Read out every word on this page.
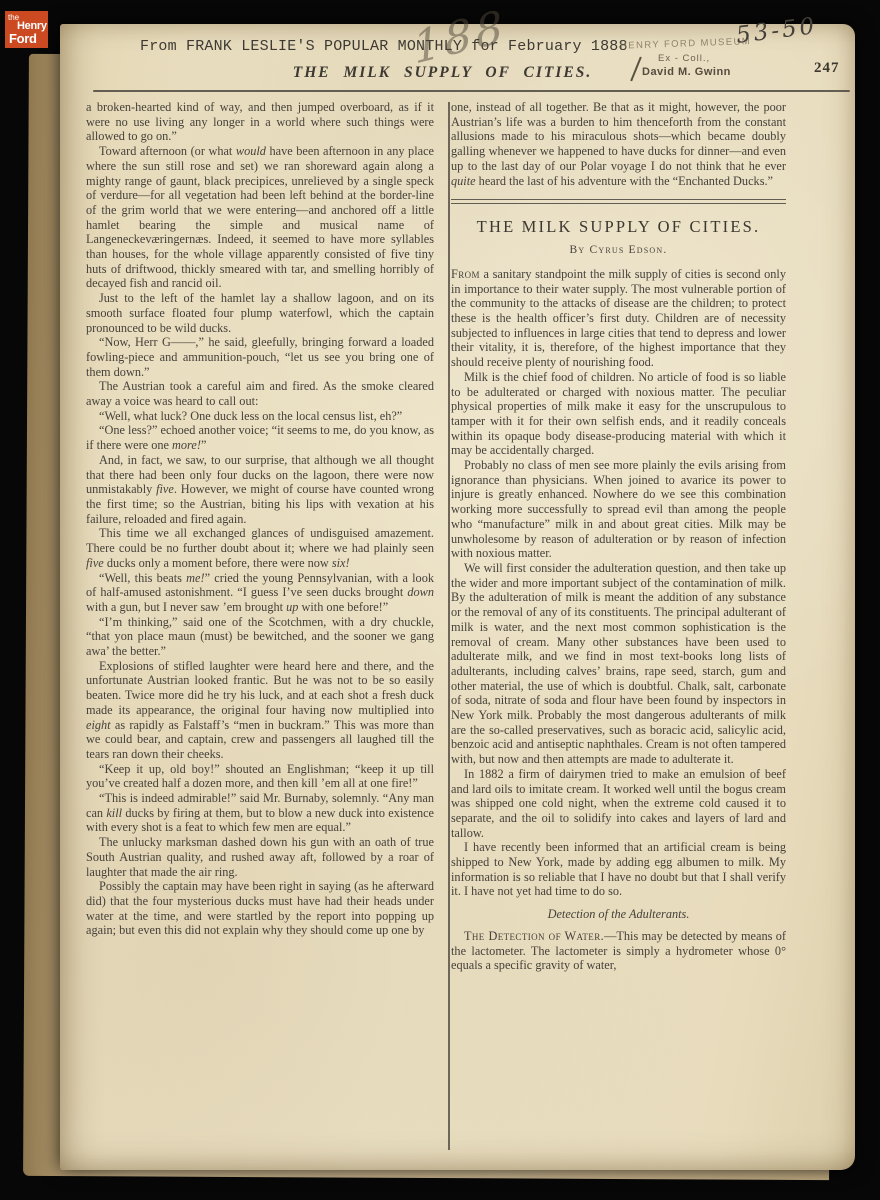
From FRANK LESLIE'S POPULAR MONTHLY for February 1888
188
THE MILK SUPPLY OF CITIES.
HENRY FORD MUSEUM
Ex - Coll.,
David M. Gwinn
53-50
247

a broken-hearted kind of way, and then jumped overboard, as if it were no use living any longer in a world where such things were allowed to go on.”

Toward afternoon (or what would have been afternoon in any place where the sun still rose and set) we ran shoreward again along a mighty range of gaunt, black precipices, unrelieved by a single speck of verdure—for all vegetation had been left behind at the border-line of the grim world that we were entering—and anchored off a little hamlet bearing the simple and musical name of Langeneckeværingernæs. Indeed, it seemed to have more syllables than houses, for the whole village apparently consisted of five tiny huts of driftwood, thickly smeared with tar, and smelling horribly of decayed fish and rancid oil.

Just to the left of the hamlet lay a shallow lagoon, and on its smooth surface floated four plump waterfowl, which the captain pronounced to be wild ducks.

“Now, Herr G——,” he said, gleefully, bringing forward a loaded fowling-piece and ammunition-pouch, “let us see you bring one of them down.”

The Austrian took a careful aim and fired. As the smoke cleared away a voice was heard to call out:

“Well, what luck? One duck less on the local census list, eh?”

“One less?” echoed another voice; “it seems to me, do you know, as if there were one more!”

And, in fact, we saw, to our surprise, that although we all thought that there had been only four ducks on the lagoon, there were now unmistakably five. However, we might of course have counted wrong the first time; so the Austrian, biting his lips with vexation at his failure, reloaded and fired again.

This time we all exchanged glances of undisguised amazement. There could be no further doubt about it; where we had plainly seen five ducks only a moment before, there were now six!

“Well, this beats me!” cried the young Pennsylvanian, with a look of half-amused astonishment. “I guess I’ve seen ducks brought down with a gun, but I never saw ’em brought up with one before!”

“I’m thinking,” said one of the Scotchmen, with a dry chuckle, “that yon place maun (must) be bewitched, and the sooner we gang awa’ the better.”

Explosions of stifled laughter were heard here and there, and the unfortunate Austrian looked frantic. But he was not to be so easily beaten. Twice more did he try his luck, and at each shot a fresh duck made its appearance, the original four having now multiplied into eight as rapidly as Falstaff’s “men in buckram.” This was more than we could bear, and captain, crew and passengers all laughed till the tears ran down their cheeks.

“Keep it up, old boy!” shouted an Englishman; “keep it up till you’ve created half a dozen more, and then kill ’em all at one fire!”

“This is indeed admirable!” said Mr. Burnaby, solemnly. “Any man can kill ducks by firing at them, but to blow a new duck into existence with every shot is a feat to which few men are equal.”

The unlucky marksman dashed down his gun with an oath of true South Austrian quality, and rushed away aft, followed by a roar of laughter that made the air ring.

Possibly the captain may have been right in saying (as he afterward did) that the four mysterious ducks must have had their heads under water at the time, and were startled by the report into popping up again; but even this did not explain why they should come up one by

one, instead of all together. Be that as it might, however, the poor Austrian’s life was a burden to him thenceforth from the constant allusions made to his miraculous shots—which became doubly galling whenever we happened to have ducks for dinner—and even up to the last day of our Polar voyage I do not think that he ever quite heard the last of his adventure with the “Enchanted Ducks.”

THE MILK SUPPLY OF CITIES.
By Cyrus Edson.

From a sanitary standpoint the milk supply of cities is second only in importance to their water supply. The most vulnerable portion of the community to the attacks of disease are the children; to protect these is the health officer’s first duty. Children are of necessity subjected to influences in large cities that tend to depress and lower their vitality, it is, therefore, of the highest importance that they should receive plenty of nourishing food.

Milk is the chief food of children. No article of food is so liable to be adulterated or charged with noxious matter. The peculiar physical properties of milk make it easy for the unscrupulous to tamper with it for their own selfish ends, and it readily conceals within its opaque body disease-producing material with which it may be accidentally charged.

Probably no class of men see more plainly the evils arising from ignorance than physicians. When joined to avarice its power to injure is greatly enhanced. Nowhere do we see this combination working more successfully to spread evil than among the people who “manufacture” milk in and about great cities. Milk may be unwholesome by reason of adulteration or by reason of infection with noxious matter.

We will first consider the adulteration question, and then take up the wider and more important subject of the contamination of milk. By the adulteration of milk is meant the addition of any substance or the removal of any of its constituents. The principal adulterant of milk is water, and the next most common sophistication is the removal of cream. Many other substances have been used to adulterate milk, and we find in most text-books long lists of adulterants, including calves’ brains, rape seed, starch, gum and other material, the use of which is doubtful. Chalk, salt, carbonate of soda, nitrate of soda and flour have been found by inspectors in New York milk. Probably the most dangerous adulterants of milk are the so-called preservatives, such as boracic acid, salicylic acid, benzoic acid and antiseptic naphthales. Cream is not often tampered with, but now and then attempts are made to adulterate it.

In 1882 a firm of dairymen tried to make an emulsion of beef and lard oils to imitate cream. It worked well until the bogus cream was shipped one cold night, when the extreme cold caused it to separate, and the oil to solidify into cakes and layers of lard and tallow.

I have recently been informed that an artificial cream is being shipped to New York, made by adding egg albumen to milk. My information is so reliable that I have no doubt but that I shall verify it. I have not yet had time to do so.

Detection of the Adulterants.

The Detection of Water.—This may be detected by means of the lactometer. The lactometer is simply a hydrometer whose 0° equals a specific gravity of water,

the
Henry
Ford
